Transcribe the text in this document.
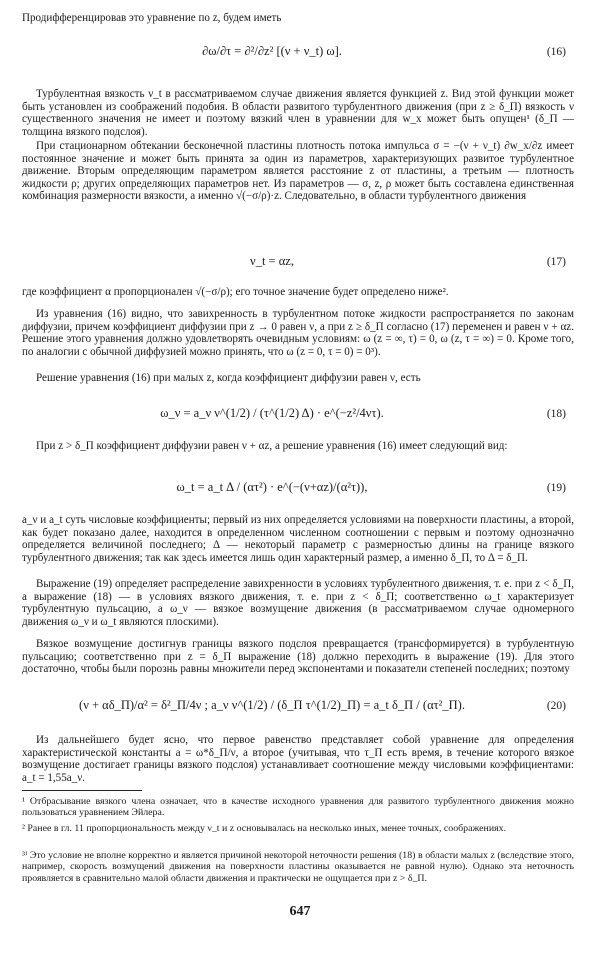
Продифференцировав это уравнение по z, будем иметь
∂ω/∂τ = ∂²/∂z² [(ν + ν_t) ω].	(16)
Турбулентная вязкость ν_t в рассматриваемом случае движения является функцией z. Вид этой функции может быть установлен из соображений подобия. В области развитого турбулентного движения (при z ≥ δ_П) вязкость ν существенного значения не имеет и поэтому вязкий член в уравнении для w_x может быть опущен¹ (δ_П — толщина вязкого подслоя).
При стационарном обтекании бесконечной пластины плотность потока импульса σ = −(ν + ν_t) ∂w_x/∂z имеет постоянное значение и может быть принята за один из параметров, характеризующих развитое турбулентное движение. Вторым определяющим параметром является расстояние z от пластины, а третьим — плотность жидкости ρ; других определяющих параметров нет. Из параметров — σ, z, ρ может быть составлена единственная комбинация размерности вязкости, а именно √(−σ/ρ)·z. Следовательно, в области турбулентного движения
ν_t = αz,	(17)
где коэффициент α пропорционален √(−σ/ρ); его точное значение будет определено ниже².
Из уравнения (16) видно, что завихренность в турбулентном потоке жидкости распространяется по законам диффузии, причем коэффициент диффузии при z → 0 равен ν, а при z ≥ δ_П согласно (17) переменен и равен ν + αz. Решение этого уравнения должно удовлетворять очевидным условиям: ω (z = ∞, τ) = 0, ω (z, τ = ∞) = 0. Кроме того, по аналогии с обычной диффузией можно принять, что ω (z = 0, τ = 0) = 0³).
Решение уравнения (16) при малых z, когда коэффициент диффузии равен ν, есть
ω_ν = a_ν ν^(1/2) / (τ^(1/2) Δ) · e^(−z²/4ντ).	(18)
При z > δ_П коэффициент диффузии равен ν + αz, а решение уравнения (16) имеет следующий вид:
ω_t = a_t Δ / (ατ²) · e^(−(ν+αz)/(α²τ)),	(19)
a_ν и a_t суть числовые коэффициенты; первый из них определяется условиями на поверхности пластины, а второй, как будет показано далее, находится в определенном численном соотношении с первым и поэтому однозначно определяется величиной последнего; Δ — некоторый параметр с размерностью длины на границе вязкого турбулентного движения; так как здесь имеется лишь один характерный размер, а именно δ_П, то Δ = δ_П.
Выражение (19) определяет распределение завихренности в условиях турбулентного движения, т. е. при z < δ_П, а выражение (18) — в условиях вязкого движения, т. е. при z < δ_П; соответственно ω_t характеризует турбулентную пульсацию, а ω_ν — вязкое возмущение движения (в рассматриваемом случае одномерного движения ω_ν и ω_t являются плоскими).
Вязкое возмущение достигнув границы вязкого подслоя превращается (трансформируется) в турбулентную пульсацию; соответственно при z = δ_П выражение (18) должно переходить в выражение (19). Для этого достаточно, чтобы были порознь равны множители перед экспонентами и показатели степеней последних; поэтому
(ν + αδ_П)/α² = δ²_П/4ν ; a_ν ν^(1/2) / (δ_П τ^(1/2)_П) = a_t δ_П / (ατ²_П).	(20)
Из дальнейшего будет ясно, что первое равенство представляет собой уравнение для определения характеристической константы a = ω*δ_П/ν, а второе (учитывая, что τ_П есть время, в течение которого вязкое возмущение достигает границы вязкого подслоя) устанавливает соотношение между числовыми коэффициентами: a_t = 1,55a_ν.
¹ Отбрасывание вязкого члена означает, что в качестве исходного уравнения для развитого турбулентного движения можно пользоваться уравнением Эйлера.
² Ранее в гл. 11 пропорциональность между ν_t и z основывалась на несколько иных, менее точных, соображениях.
³⁾ Это условие не вполне корректно и является причиной некоторой неточности решения (18) в области малых z (вследствие этого, например, скорость возмущений движения на поверхности пластины оказывается не равной нулю). Однако эта неточность проявляется в сравнительно малой области движения и практически не ощущается при z > δ_П.
647
